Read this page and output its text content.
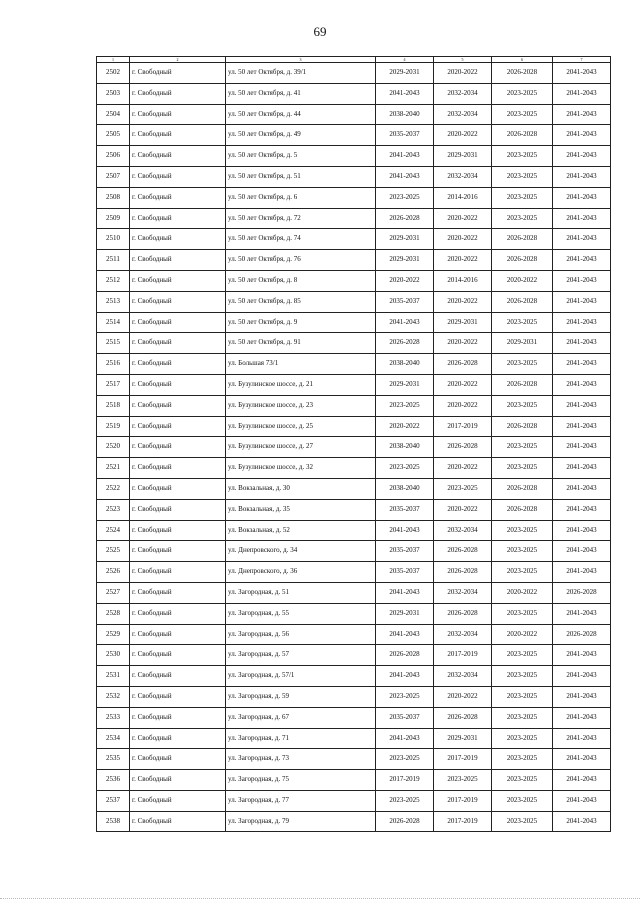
69
1	2	3	4	5	6	7
2502	г. Свободный	ул. 50 лет Октября, д. 39/1	2029-2031	2020-2022	2026-2028	2041-2043
2503	г. Свободный	ул. 50 лет Октября, д. 41	2041-2043	2032-2034	2023-2025	2041-2043
2504	г. Свободный	ул. 50 лет Октября, д. 44	2038-2040	2032-2034	2023-2025	2041-2043
2505	г. Свободный	ул. 50 лет Октября, д. 49	2035-2037	2020-2022	2026-2028	2041-2043
2506	г. Свободный	ул. 50 лет Октября, д. 5	2041-2043	2029-2031	2023-2025	2041-2043
2507	г. Свободный	ул. 50 лет Октября, д. 51	2041-2043	2032-2034	2023-2025	2041-2043
2508	г. Свободный	ул. 50 лет Октября, д. 6	2023-2025	2014-2016	2023-2025	2041-2043
2509	г. Свободный	ул. 50 лет Октября, д. 72	2026-2028	2020-2022	2023-2025	2041-2043
2510	г. Свободный	ул. 50 лет Октября, д. 74	2029-2031	2020-2022	2026-2028	2041-2043
2511	г. Свободный	ул. 50 лет Октября, д. 76	2029-2031	2020-2022	2026-2028	2041-2043
2512	г. Свободный	ул. 50 лет Октября, д. 8	2020-2022	2014-2016	2020-2022	2041-2043
2513	г. Свободный	ул. 50 лет Октября, д. 85	2035-2037	2020-2022	2026-2028	2041-2043
2514	г. Свободный	ул. 50 лет Октября, д. 9	2041-2043	2029-2031	2023-2025	2041-2043
2515	г. Свободный	ул. 50 лет Октября, д. 91	2026-2028	2020-2022	2029-2031	2041-2043
2516	г. Свободный	ул. Большая 73/1	2038-2040	2026-2028	2023-2025	2041-2043
2517	г. Свободный	ул. Бузулинское шоссе, д. 21	2029-2031	2020-2022	2026-2028	2041-2043
2518	г. Свободный	ул. Бузулинское шоссе, д. 23	2023-2025	2020-2022	2023-2025	2041-2043
2519	г. Свободный	ул. Бузулинское шоссе, д. 25	2020-2022	2017-2019	2026-2028	2041-2043
2520	г. Свободный	ул. Бузулинское шоссе, д. 27	2038-2040	2026-2028	2023-2025	2041-2043
2521	г. Свободный	ул. Бузулинское шоссе, д. 32	2023-2025	2020-2022	2023-2025	2041-2043
2522	г. Свободный	ул. Вокзальная, д. 30	2038-2040	2023-2025	2026-2028	2041-2043
2523	г. Свободный	ул. Вокзальная, д. 35	2035-2037	2020-2022	2026-2028	2041-2043
2524	г. Свободный	ул. Вокзальная, д. 52	2041-2043	2032-2034	2023-2025	2041-2043
2525	г. Свободный	ул. Днепровского, д. 34	2035-2037	2026-2028	2023-2025	2041-2043
2526	г. Свободный	ул. Днепровского, д. 36	2035-2037	2026-2028	2023-2025	2041-2043
2527	г. Свободный	ул. Загородная, д. 51	2041-2043	2032-2034	2020-2022	2026-2028
2528	г. Свободный	ул. Загородная, д. 55	2029-2031	2026-2028	2023-2025	2041-2043
2529	г. Свободный	ул. Загородная, д. 56	2041-2043	2032-2034	2020-2022	2026-2028
2530	г. Свободный	ул. Загородная, д. 57	2026-2028	2017-2019	2023-2025	2041-2043
2531	г. Свободный	ул. Загородная, д. 57/1	2041-2043	2032-2034	2023-2025	2041-2043
2532	г. Свободный	ул. Загородная, д. 59	2023-2025	2020-2022	2023-2025	2041-2043
2533	г. Свободный	ул. Загородная, д. 67	2035-2037	2026-2028	2023-2025	2041-2043
2534	г. Свободный	ул. Загородная, д. 71	2041-2043	2029-2031	2023-2025	2041-2043
2535	г. Свободный	ул. Загородная, д. 73	2023-2025	2017-2019	2023-2025	2041-2043
2536	г. Свободный	ул. Загородная, д. 75	2017-2019	2023-2025	2023-2025	2041-2043
2537	г. Свободный	ул. Загородная, д. 77	2023-2025	2017-2019	2023-2025	2041-2043
2538	г. Свободный	ул. Загородная, д. 79	2026-2028	2017-2019	2023-2025	2041-2043
